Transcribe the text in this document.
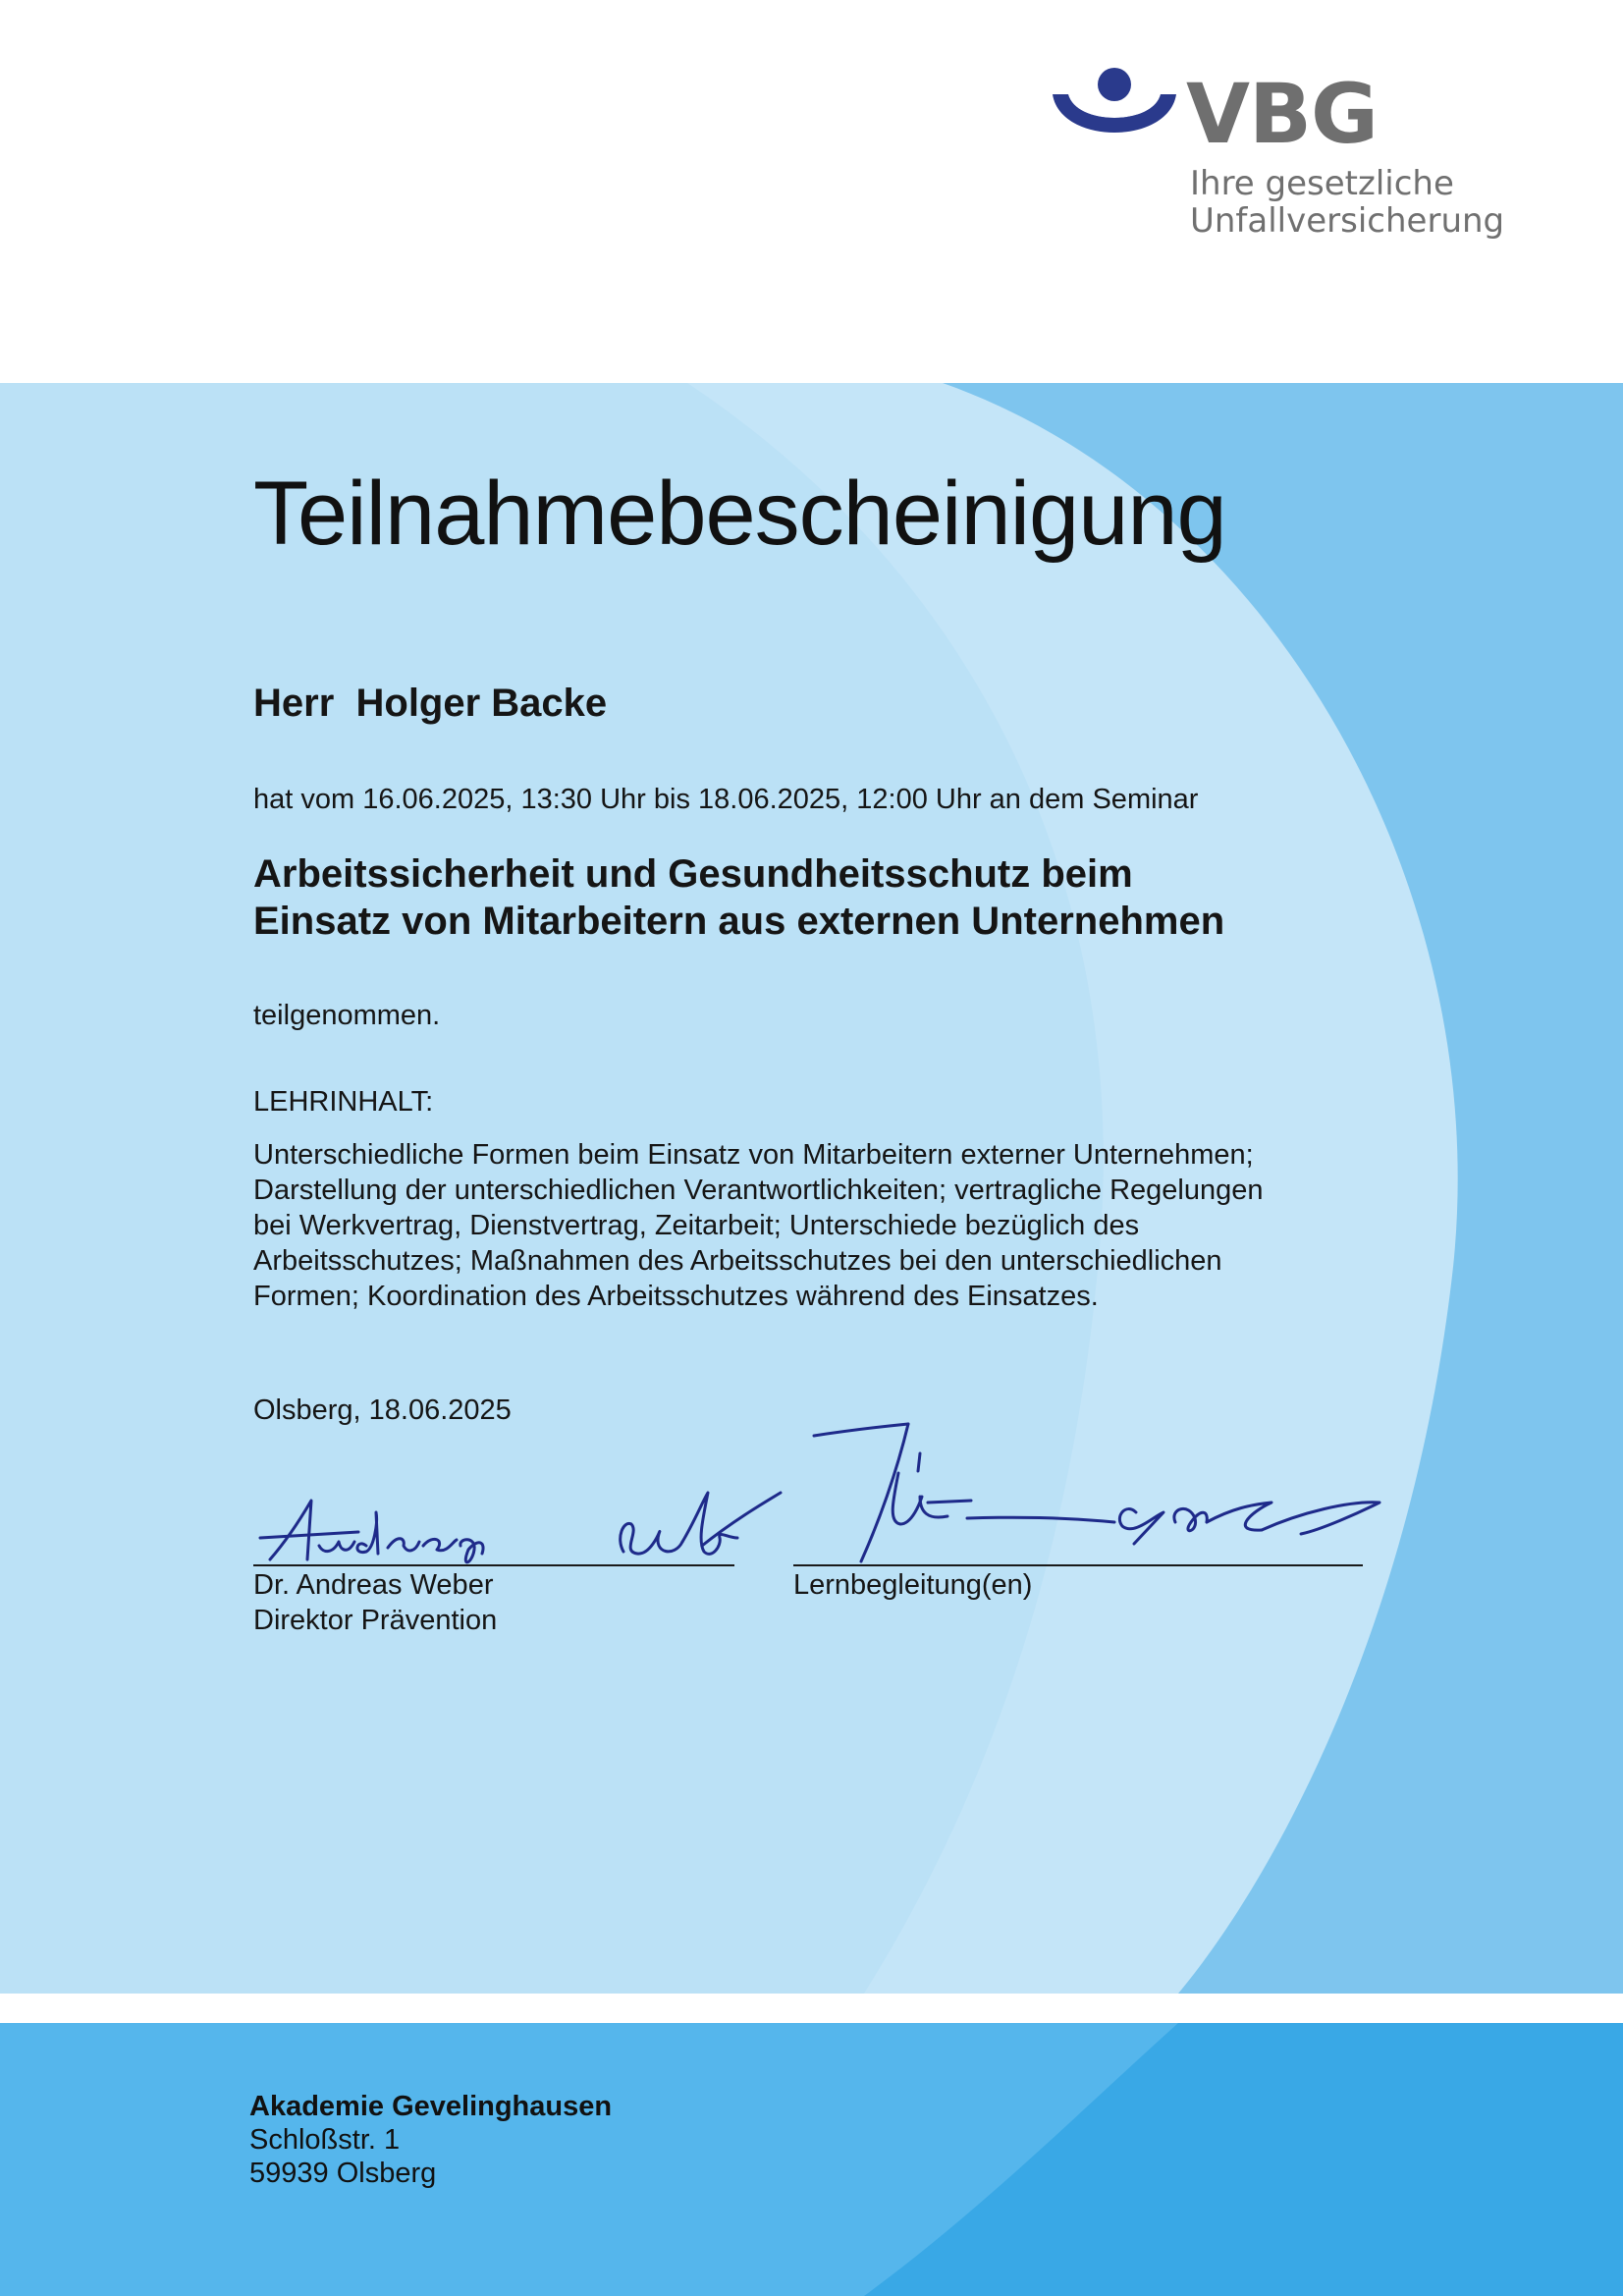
VBG
Ihre gesetzliche
Unfallversicherung
Teilnahmebescheinigung
Herr  Holger Backe
hat vom 16.06.2025, 13:30 Uhr bis 18.06.2025, 12:00 Uhr an dem Seminar
Arbeitssicherheit und Gesundheitsschutz beim
Einsatz von Mitarbeitern aus externen Unternehmen
teilgenommen.
LEHRINHALT:
Unterschiedliche Formen beim Einsatz von Mitarbeitern externer Unternehmen;
Darstellung der unterschiedlichen Verantwortlichkeiten; vertragliche Regelungen
bei Werkvertrag, Dienstvertrag, Zeitarbeit; Unterschiede bezüglich des
Arbeitsschutzes; Maßnahmen des Arbeitsschutzes bei den unterschiedlichen
Formen; Koordination des Arbeitsschutzes während des Einsatzes.
Olsberg, 18.06.2025
Dr. Andreas Weber
Direktor Prävention
Lernbegleitung(en)
Akademie Gevelinghausen
Schloßstr. 1
59939 Olsberg
